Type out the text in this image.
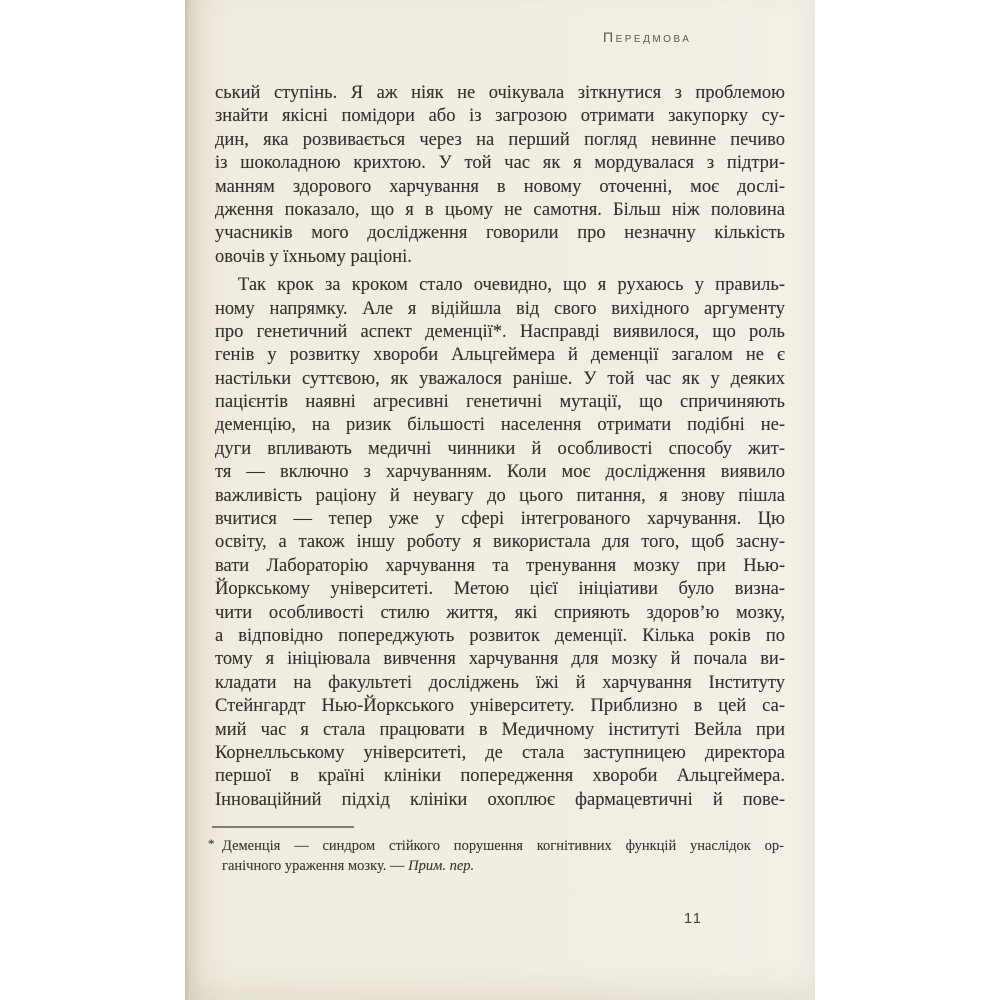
Передмова
ський ступінь. Я аж ніяк не очікувала зіткнутися з проблемою
знайти якісні помідори або із загрозою отримати закупорку су-
дин, яка розвивається через на перший погляд невинне печиво
із шоколадною крихтою. У той час як я мордувалася з підтри-
манням здорового харчування в новому оточенні, моє дослі-
дження показало, що я в цьому не самотня. Більш ніж половина
учасників мого дослідження говорили про незначну кількість
овочів у їхньому раціоні.
Так крок за кроком стало очевидно, що я рухаюсь у правиль-
ному напрямку. Але я відійшла від свого вихідного аргументу
про генетичний аспект деменції*. Насправді виявилося, що роль
генів у розвитку хвороби Альцгеймера й деменції загалом не є
настільки суттєвою, як уважалося раніше. У той час як у деяких
пацієнтів наявні агресивні генетичні мутації, що спричиняють
деменцію, на ризик більшості населення отримати подібні не-
дуги впливають медичні чинники й особливості способу жит-
тя — включно з харчуванням. Коли моє дослідження виявило
важливість раціону й неувагу до цього питання, я знову пішла
вчитися — тепер уже у сфері інтегрованого харчування. Цю
освіту, а також іншу роботу я використала для того, щоб засну-
вати Лабораторію харчування та тренування мозку при Нью-
Йоркському університеті. Метою цієї ініціативи було визна-
чити особливості стилю життя, які сприяють здоров’ю мозку,
а відповідно попереджують розвиток деменції. Кілька років по
тому я ініціювала вивчення харчування для мозку й почала ви-
кладати на факультеті досліджень їжі й харчування Інституту
Стейнгардт Нью-Йоркського університету. Приблизно в цей са-
мий час я стала працювати в Медичному інституті Вейла при
Корнелльському університеті, де стала заступницею директора
першої в країні клініки попередження хвороби Альцгеймера.
Інноваційний підхід клініки охоплює фармацевтичні й пове-
* Деменція — синдром стійкого порушення когнітивних функцій унаслідок ор-
ганічного ураження мозку. — Прим. пер.
11
